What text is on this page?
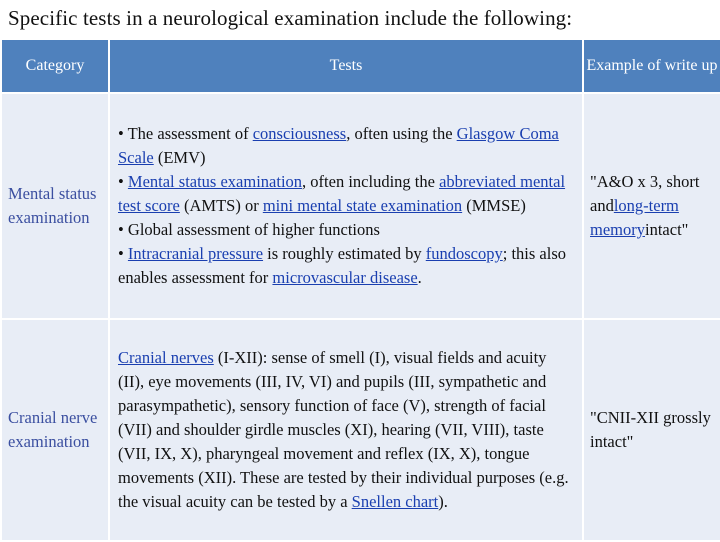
Specific tests in a neurological examination include the following:
Category	Tests	Example of write up
Mental status examination	• The assessment of consciousness, often using the Glasgow Coma Scale (EMV)
• Mental status examination, often including the abbreviated mental test score (AMTS) or mini mental state examination (MMSE)
• Global assessment of higher functions
• Intracranial pressure is roughly estimated by fundoscopy; this also enables assessment for microvascular disease.	"A&O x 3, short andlong-term memoryintact"
Cranial nerve examination	Cranial nerves (I-XII): sense of smell (I), visual fields and acuity (II), eye movements (III, IV, VI) and pupils (III, sympathetic and parasympathetic), sensory function of face (V), strength of facial (VII) and shoulder girdle muscles (XI), hearing (VII, VIII), taste (VII, IX, X), pharyngeal movement and reflex (IX, X), tongue movements (XII). These are tested by their individual purposes (e.g. the visual acuity can be tested by a Snellen chart).	"CNII-XII grossly intact"
